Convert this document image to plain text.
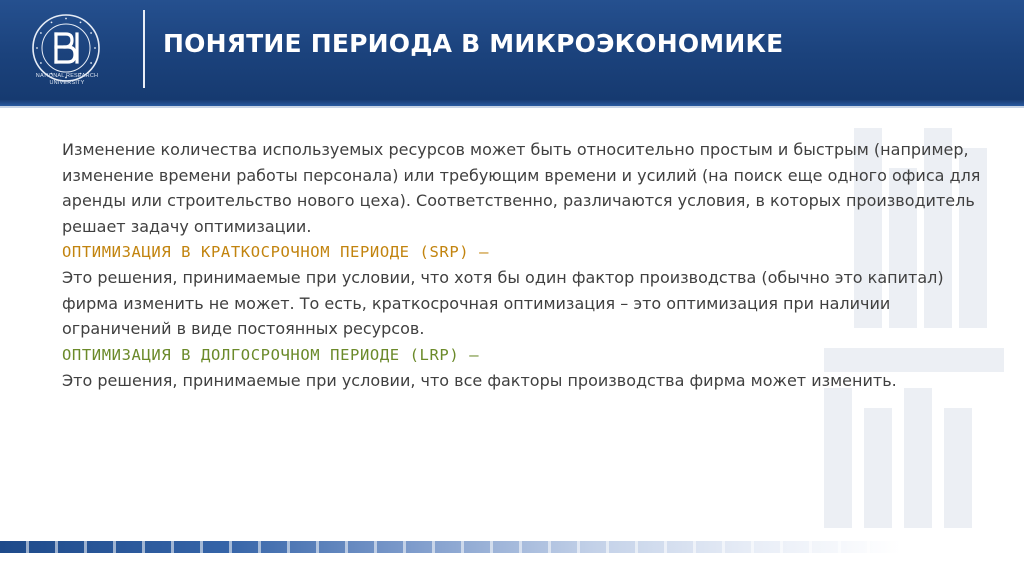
NATIONAL RESEARCH
UNIVERSITY
ПОНЯТИЕ ПЕРИОДА В МИКРОЭКОНОМИКЕ

Изменение количества используемых ресурсов может быть относительно простым и быстрым (например, изменение времени работы персонала) или требующим времени и усилий (на поиск еще одного офиса для аренды или строительство нового цеха). Соответственно, различаются условия, в которых производитель решает задачу оптимизации.

ОПТИМИЗАЦИЯ В КРАТКОСРОЧНОМ ПЕРИОДЕ (SRP) –

Это решения, принимаемые при условии, что хотя бы один фактор производства (обычно это капитал) фирма изменить не может. То есть, краткосрочная оптимизация – это оптимизация при наличии ограничений в виде постоянных ресурсов.

ОПТИМИЗАЦИЯ В ДОЛГОСРОЧНОМ ПЕРИОДЕ (LRP) –

Это решения, принимаемые при условии, что все факторы производства фирма может изменить.
